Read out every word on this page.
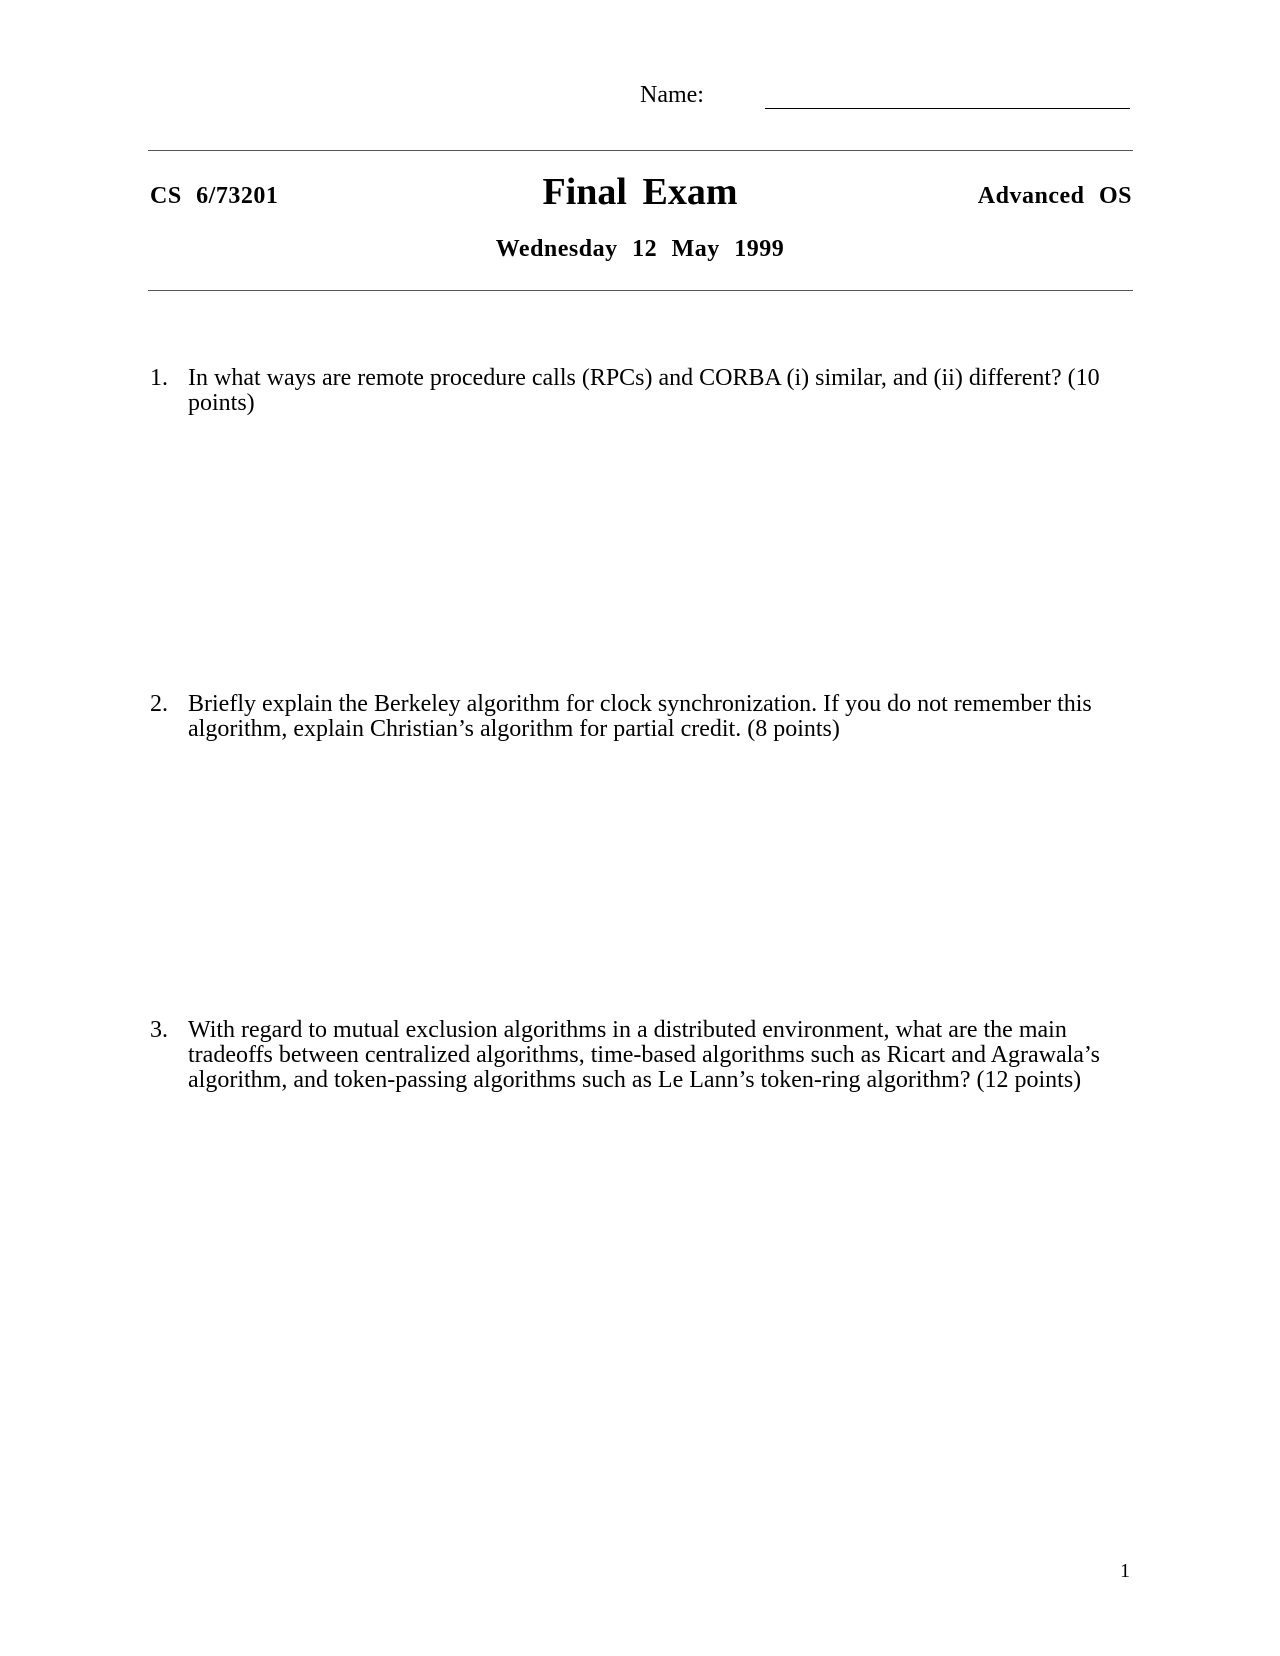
Name:
CS 6/73201	Final Exam	Advanced OS
Wednesday 12 May 1999
1. In what ways are remote procedure calls (RPCs) and CORBA (i) similar, and (ii) different? (10 points)
2. Briefly explain the Berkeley algorithm for clock synchronization. If you do not remember this algorithm, explain Christian’s algorithm for partial credit. (8 points)
3. With regard to mutual exclusion algorithms in a distributed environment, what are the main tradeoffs between centralized algorithms, time-based algorithms such as Ricart and Agrawala’s algorithm, and token-passing algorithms such as Le Lann’s token-ring algorithm? (12 points)
1
